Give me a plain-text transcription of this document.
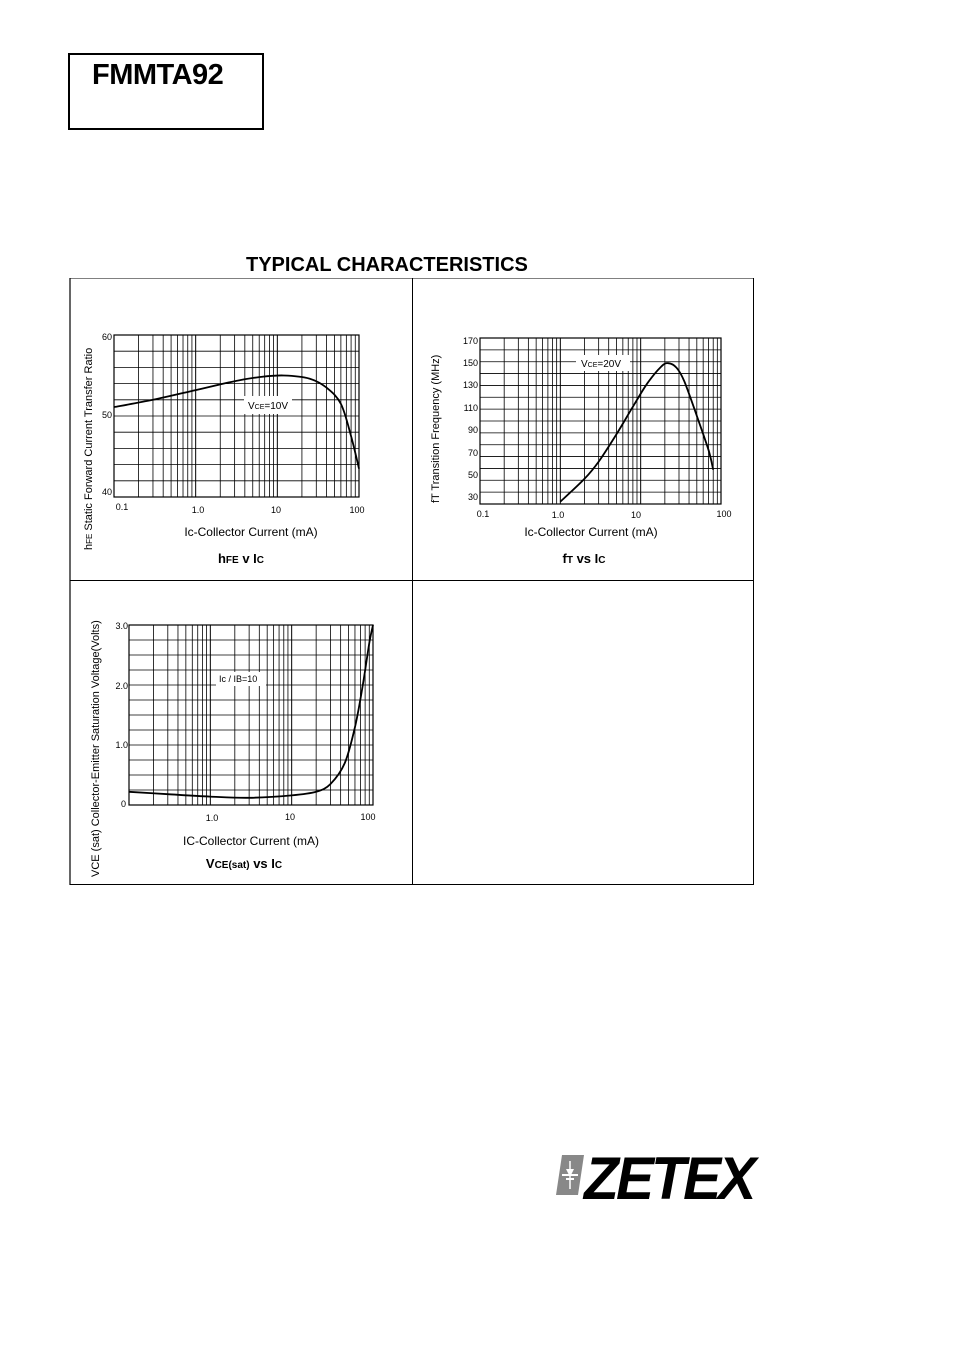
FMMTA92
TYPICAL CHARACTERISTICS
60
50
40
0.1	1.0	10	100
Ic-Collector Current (mA)
hFE v IC
hFE Static Forward Current Transfer Ratio	VCE=10V
170
150
130
110
90
70
50
30
0.1	1.0	10	100
Ic-Collector Current (mA)
fT vs IC
fT Transition Frequency (MHz)	VCE=20V
3.0
2.0
1.0
0
1.0	10	100
IC-Collector Current (mA)
VCE(sat) vs IC
VCE (sat) Collector-Emitter Saturation Voltage(Volts)	Ic / IB=10
ZETEX
